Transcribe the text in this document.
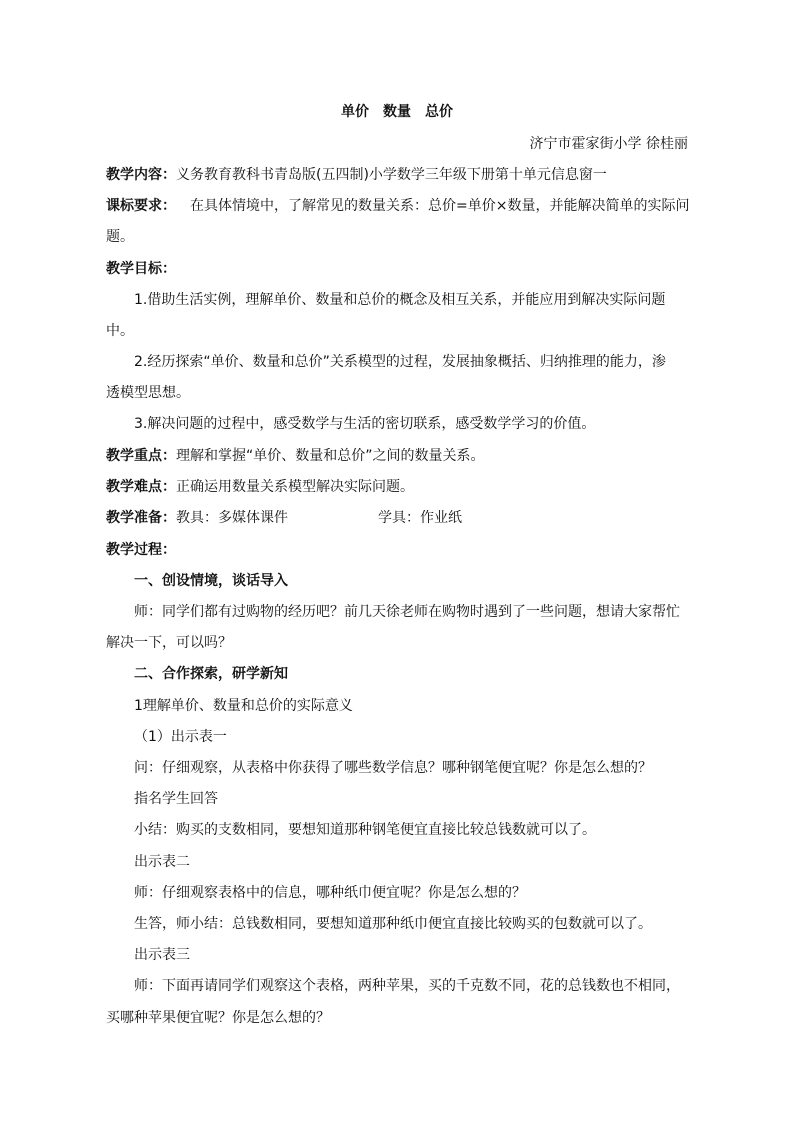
单价 数量 总价
济宁市霍家街小学 徐桂丽
教学内容：义务教育教科书青岛版(五四制)小学数学三年级下册第十单元信息窗一
课标要求： 在具体情境中，了解常见的数量关系：总价=单价×数量，并能解决简单的实际问
题。
教学目标：
1.借助生活实例，理解单价、数量和总价的概念及相互关系，并能应用到解决实际问题
中。
2.经历探索“单价、数量和总价”关系模型的过程，发展抽象概括、归纳推理的能力，渗
透模型思想。
3.解决问题的过程中，感受数学与生活的密切联系，感受数学学习的价值。
教学重点：理解和掌握“单价、数量和总价”之间的数量关系。
教学难点：正确运用数量关系模型解决实际问题。
教学准备：教具：多媒体课件	学具：作业纸
教学过程：
一、创设情境，谈话导入
师：同学们都有过购物的经历吧？前几天徐老师在购物时遇到了一些问题，想请大家帮忙
解决一下，可以吗？
二、合作探索，研学新知
1理解单价、数量和总价的实际意义
（1）出示表一
问：仔细观察，从表格中你获得了哪些数学信息？哪种钢笔便宜呢？你是怎么想的？
指名学生回答
小结：购买的支数相同，要想知道那种钢笔便宜直接比较总钱数就可以了。
出示表二
师：仔细观察表格中的信息，哪种纸巾便宜呢？你是怎么想的？
生答，师小结：总钱数相同，要想知道那种纸巾便宜直接比较购买的包数就可以了。
出示表三
师：下面再请同学们观察这个表格，两种苹果，买的千克数不同，花的总钱数也不相同，
买哪种苹果便宜呢？你是怎么想的？
